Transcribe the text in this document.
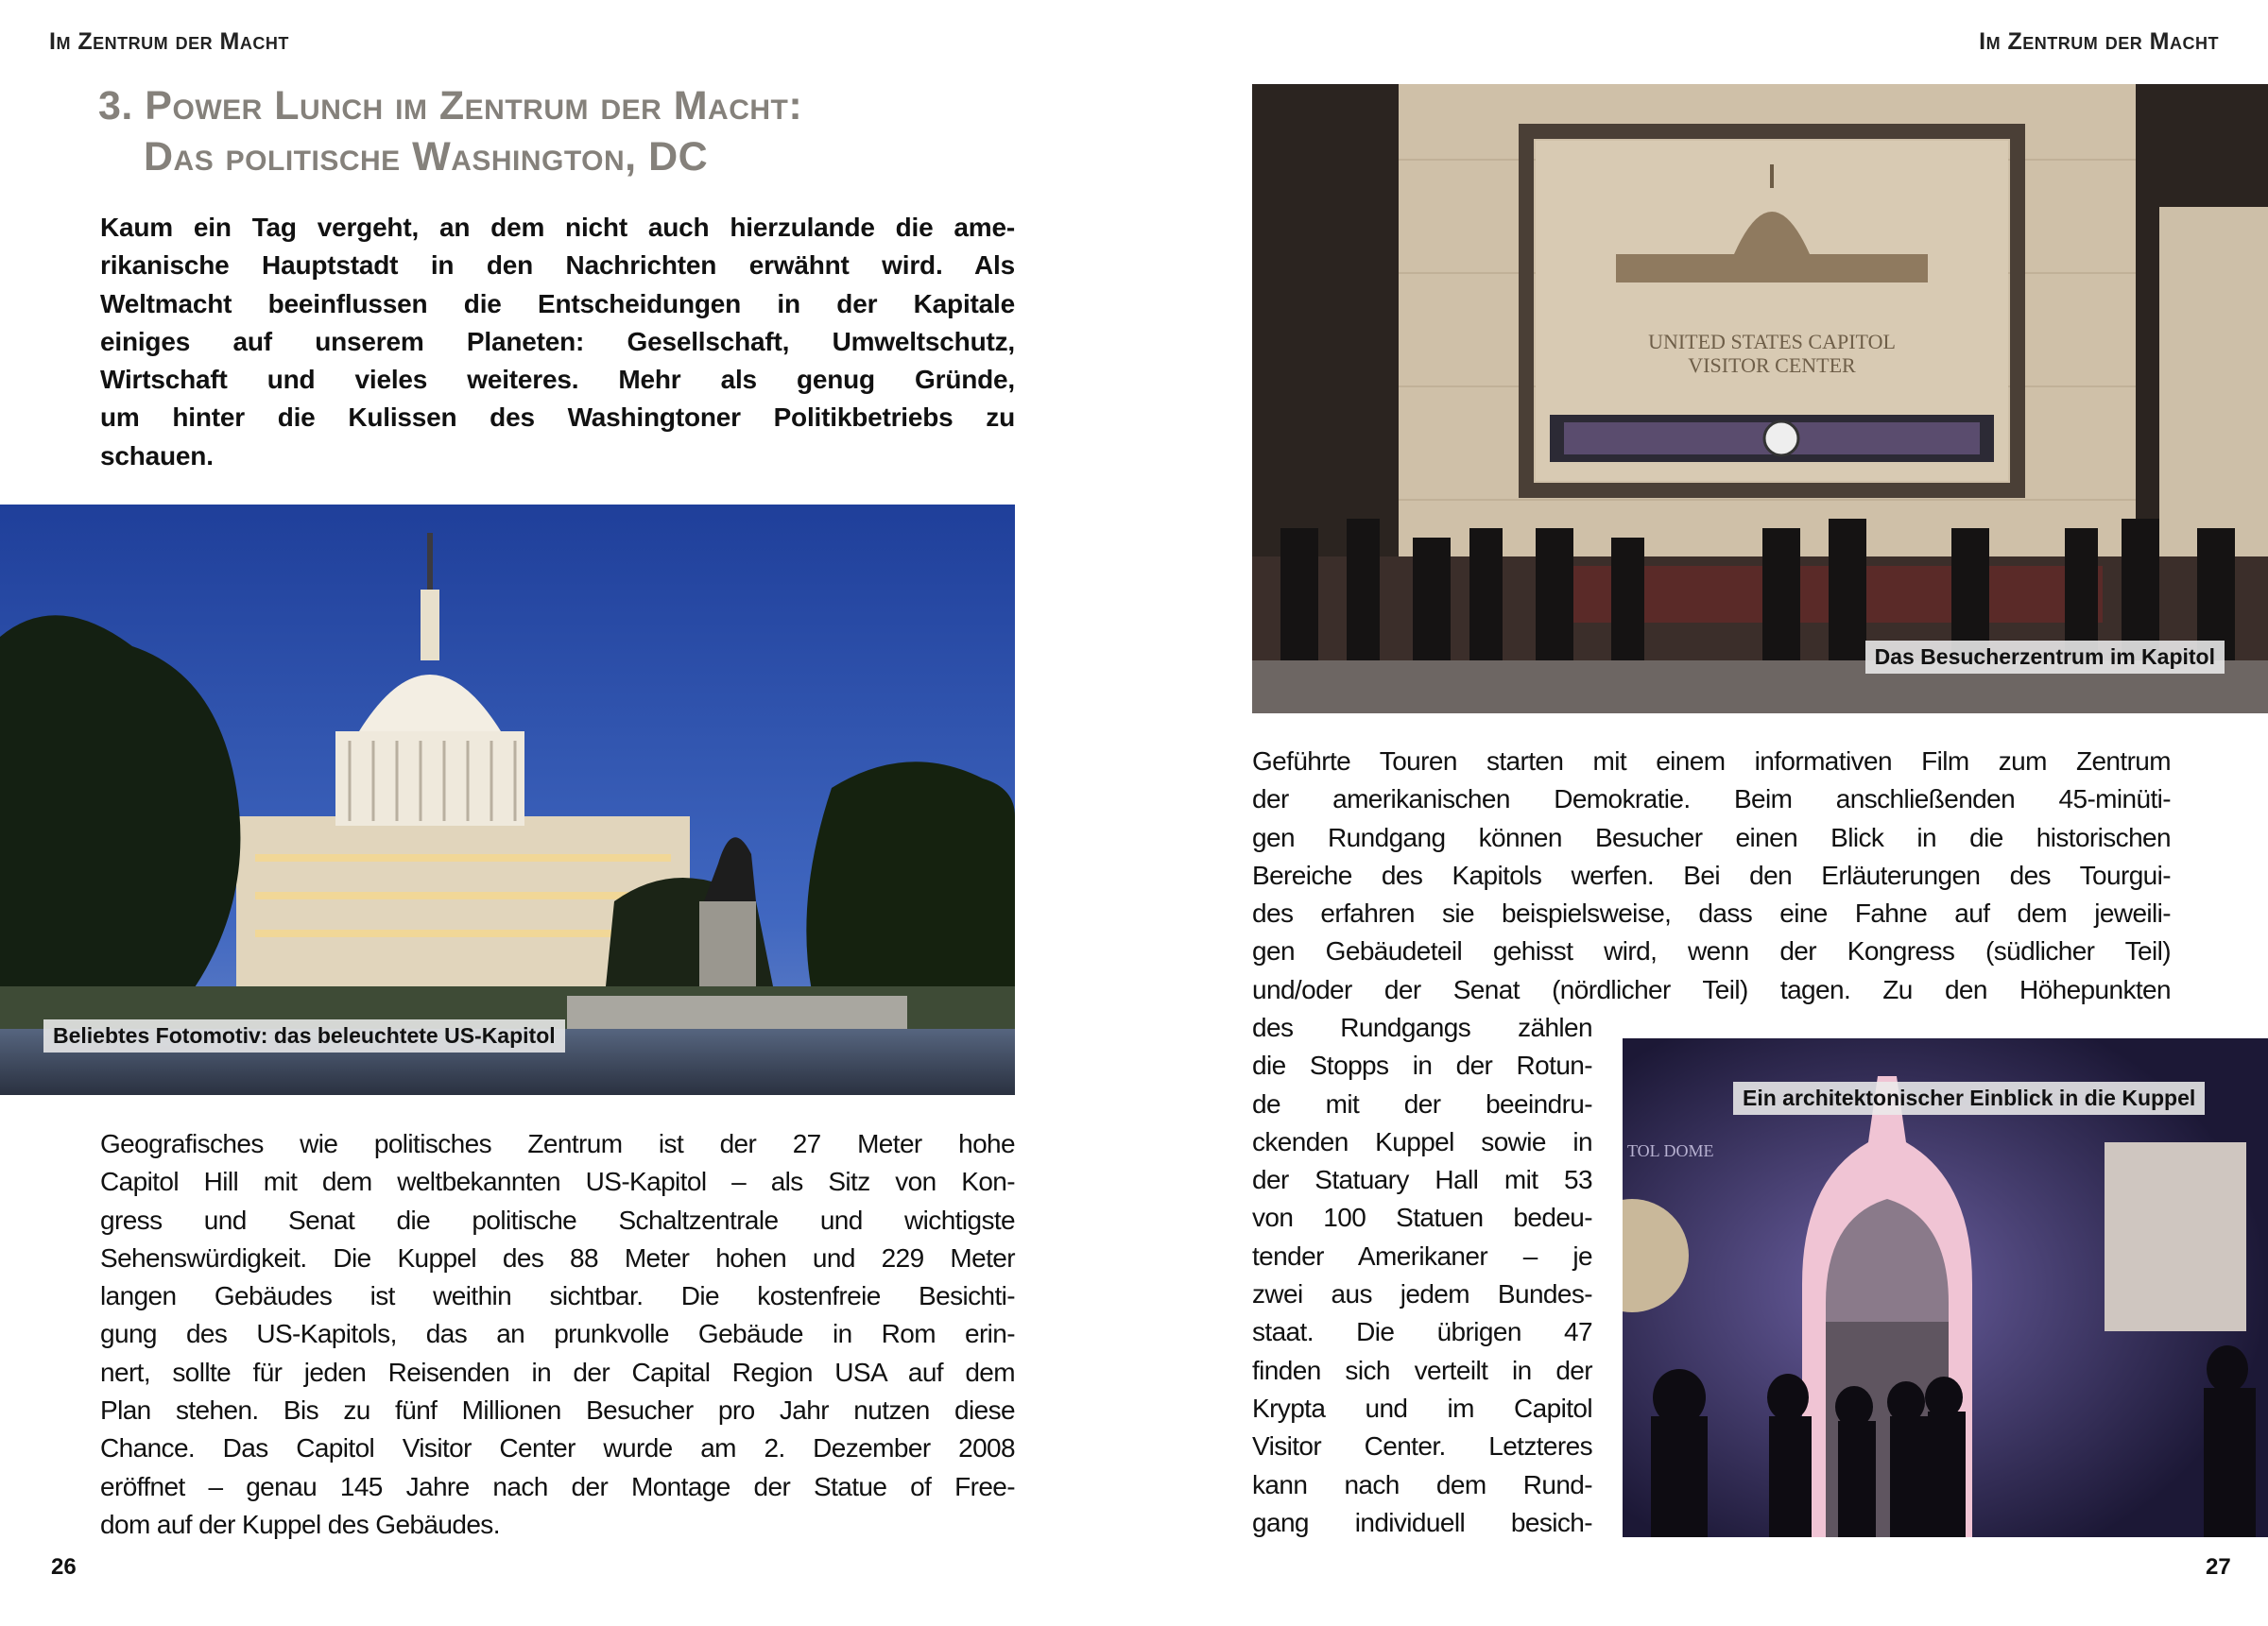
Im Zentrum der Macht	Im Zentrum der Macht
3. Power Lunch im Zentrum der Macht:
Das politische Washington, DC
Kaum ein Tag vergeht, an dem nicht auch hierzulande die ame-
rikanische Hauptstadt in den Nachrichten erwähnt wird. Als
Weltmacht beeinflussen die Entscheidungen in der Kapitale
einiges auf unserem Planeten: Gesellschaft, Umweltschutz,
Wirtschaft und vieles weiteres. Mehr als genug Gründe,
um hinter die Kulissen des Washingtoner Politikbetriebs zu
schauen.
Beliebtes Fotomotiv: das beleuchtete US-Kapitol
Geografisches wie politisches Zentrum ist der 27 Meter hohe
Capitol Hill mit dem weltbekannten US-Kapitol – als Sitz von Kon-
gress und Senat die politische Schaltzentrale und wichtigste
Sehenswürdigkeit. Die Kuppel des 88 Meter hohen und 229 Meter
langen Gebäudes ist weithin sichtbar. Die kostenfreie Besichti-
gung des US-Kapitols, das an prunkvolle Gebäude in Rom erin-
nert, sollte für jeden Reisenden in der Capital Region USA auf dem
Plan stehen. Bis zu fünf Millionen Besucher pro Jahr nutzen diese
Chance. Das Capitol Visitor Center wurde am 2. Dezember 2008
eröffnet – genau 145 Jahre nach der Montage der Statue of Free-
dom auf der Kuppel des Gebäudes.
26
UNITED STATES CAPITOL
VISITOR CENTER
Das Besucherzentrum im Kapitol
Geführte Touren starten mit einem informativen Film zum Zentrum
der amerikanischen Demokratie. Beim anschließenden 45-minüti-
gen Rundgang können Besucher einen Blick in die historischen
Bereiche des Kapitols werfen. Bei den Erläuterungen des Tourgui-
des erfahren sie beispielsweise, dass eine Fahne auf dem jeweili-
gen Gebäudeteil gehisst wird, wenn der Kongress (südlicher Teil)
und/oder der Senat (nördlicher Teil) tagen. Zu den Höhepunkten
des Rundgangs zählen
die Stopps in der Rotun-
de mit der beeindru-
ckenden Kuppel sowie in
der Statuary Hall mit 53
von 100 Statuen bedeu-
tender Amerikaner – je
zwei aus jedem Bundes-
staat. Die übrigen 47
finden sich verteilt in der
Krypta und im Capitol
Visitor Center. Letzteres
kann nach dem Rund-
gang individuell besich-
TOL DOME
Ein architektonischer Einblick in die Kuppel
27
